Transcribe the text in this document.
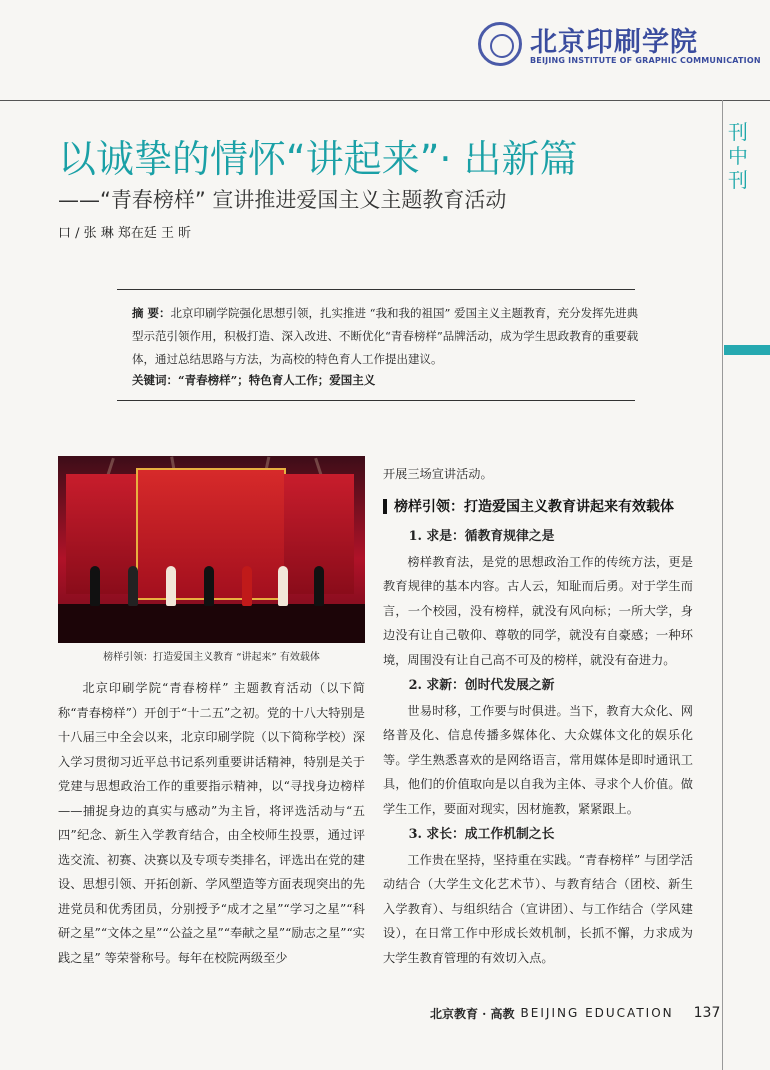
北京印刷学院
BEIJING INSTITUTE OF GRAPHIC COMMUNICATION
刊中刊
以诚挚的情怀“讲起来”· 出新篇
——“青春榜样” 宣讲推进爱国主义主题教育活动
口 / 张 琳 郑在廷 王 昕
摘 要：北京印刷学院强化思想引领，扎实推进 “我和我的祖国” 爱国主义主题教育，充分发挥先进典型示范引领作用，积极打造、深入改进、不断优化“青春榜样”品牌活动，成为学生思政教育的重要载体，通过总结思路与方法，为高校的特色育人工作提出建议。
关键词：“青春榜样”；特色育人工作；爱国主义
榜样引领：打造爱国主义教育 “讲起来” 有效载体

北京印刷学院“青春榜样” 主题教育活动（以下简称“青春榜样”）开创于“十二五”之初。党的十八大特别是十八届三中全会以来，北京印刷学院（以下简称学校）深入学习贯彻习近平总书记系列重要讲话精神，特别是关于党建与思想政治工作的重要指示精神，以“寻找身边榜样——捕捉身边的真实与感动”为主旨，将评选活动与“五四”纪念、新生入学教育结合，由全校师生投票，通过评选交流、初赛、决赛以及专项专类排名，评选出在党的建设、思想引领、开拓创新、学风塑造等方面表现突出的先进党员和优秀团员，分别授予“成才之星”“学习之星”“科研之星”“文体之星”“公益之星”“奉献之星”“励志之星”“实践之星” 等荣誉称号。每年在校院两级至少

开展三场宣讲活动。

榜样引领：打造爱国主义教育讲起来有效载体
1. 求是：循教育规律之是

榜样教育法，是党的思想政治工作的传统方法，更是教育规律的基本内容。古人云，知耻而后勇。对于学生而言，一个校园，没有榜样，就没有风向标；一所大学，身边没有让自己敬仰、尊敬的同学，就没有自豪感；一种环境，周围没有让自己高不可及的榜样，就没有奋进力。

2. 求新：创时代发展之新

世易时移，工作要与时俱进。当下，教育大众化、网络普及化、信息传播多媒体化、大众媒体文化的娱乐化等。学生熟悉喜欢的是网络语言，常用媒体是即时通讯工具，他们的价值取向是以自我为主体、寻求个人价值。做学生工作，要面对现实，因材施教，紧紧跟上。

3. 求长：成工作机制之长

工作贵在坚持，坚持重在实践。“青春榜样” 与团学活动结合（大学生文化艺术节）、与教育结合（团校、新生入学教育）、与组织结合（宣讲团）、与工作结合（学风建设），在日常工作中形成长效机制，长抓不懈，力求成为大学生教育管理的有效切入点。

北京教育 · 高教 BEIJING EDUCATION 137
